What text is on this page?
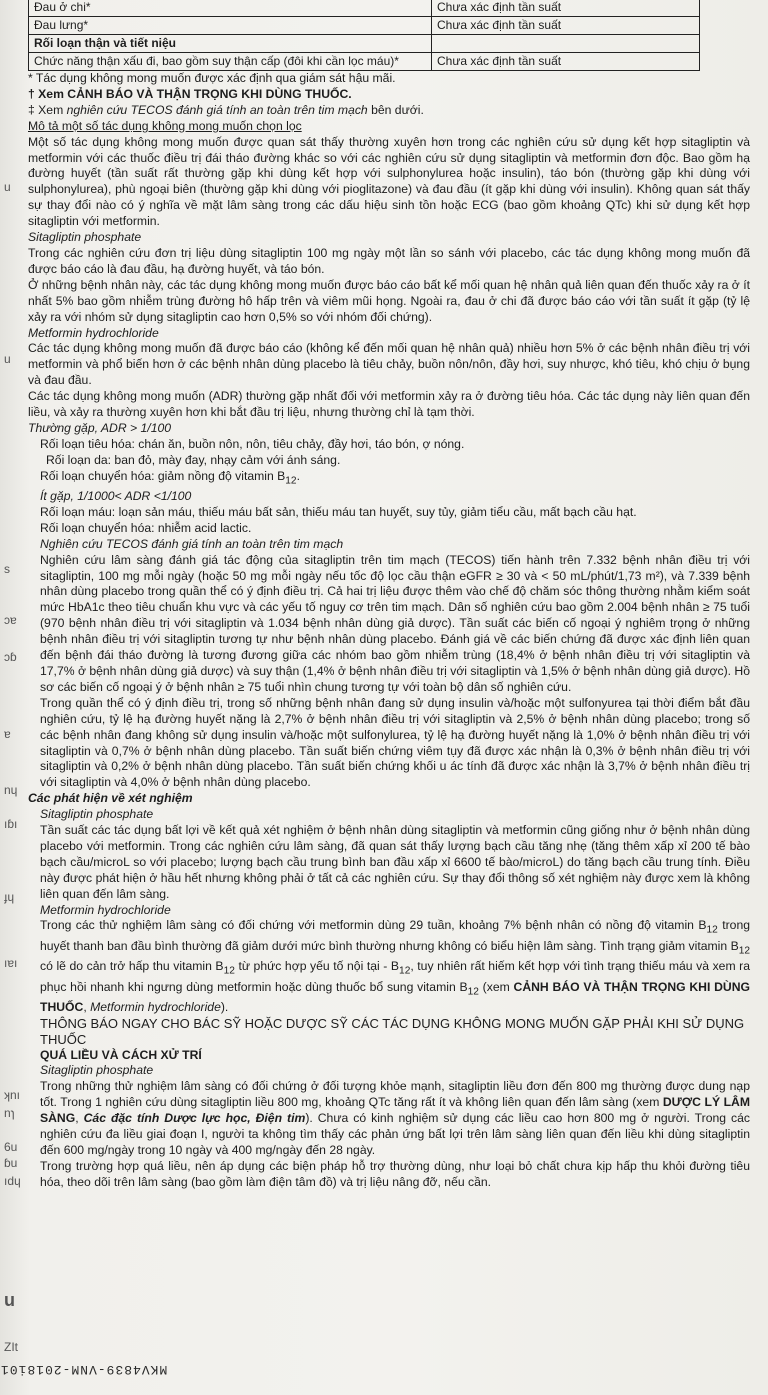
u
u
s
ɔɐ
ɔɓ
ɐ
nɥ
ıɓı
ɟɥ
ıɐı
ʞnı
nɿ
6u
ɓu
ıdɥ
u
ZIt
Đau ở chi*	Chưa xác định tần suất
Đau lưng*	Chưa xác định tần suất
Rối loạn thận và tiết niệu	
Chức năng thận xấu đi, bao gồm suy thận cấp (đôi khi cần lọc máu)*	Chưa xác định tần suất

* Tác dụng không mong muốn được xác định qua giám sát hậu mãi.

† Xem CẢNH BÁO VÀ THẬN TRỌNG KHI DÙNG THUỐC.

‡ Xem nghiên cứu TECOS đánh giá tính an toàn trên tim mạch bên dưới.

Mô tả một số tác dụng không mong muốn chọn lọc

Một số tác dụng không mong muốn được quan sát thấy thường xuyên hơn trong các nghiên cứu sử dụng kết hợp sitagliptin và metformin với các thuốc điều trị đái tháo đường khác so với các nghiên cứu sử dụng sitagliptin và metformin đơn độc. Bao gồm hạ đường huyết (tần suất rất thường gặp khi dùng kết hợp với sulphonylurea hoặc insulin), táo bón (thường gặp khi dùng với sulphonylurea), phù ngoại biên (thường gặp khi dùng với pioglitazone) và đau đầu (ít gặp khi dùng với insulin). Không quan sát thấy sự thay đổi nào có ý nghĩa về mặt lâm sàng trong các dấu hiệu sinh tồn hoặc ECG (bao gồm khoảng QTc) khi sử dụng kết hợp sitagliptin với metformin.

Sitagliptin phosphate

Trong các nghiên cứu đơn trị liệu dùng sitagliptin 100 mg ngày một lần so sánh với placebo, các tác dụng không mong muốn đã được báo cáo là đau đầu, hạ đường huyết, và táo bón.

Ở những bệnh nhân này, các tác dụng không mong muốn được báo cáo bất kể mối quan hệ nhân quả liên quan đến thuốc xảy ra ở ít nhất 5% bao gồm nhiễm trùng đường hô hấp trên và viêm mũi họng. Ngoài ra, đau ở chi đã được báo cáo với tần suất ít gặp (tỷ lệ xảy ra với nhóm sử dụng sitagliptin cao hơn 0,5% so với nhóm đối chứng).

Metformin hydrochloride

Các tác dụng không mong muốn đã được báo cáo (không kể đến mối quan hệ nhân quả) nhiều hơn 5% ở các bệnh nhân điều trị với metformin và phổ biến hơn ở các bệnh nhân dùng placebo là tiêu chảy, buồn nôn/nôn, đầy hơi, suy nhược, khó tiêu, khó chịu ở bụng và đau đầu.

Các tác dụng không mong muốn (ADR) thường gặp nhất đối với metformin xảy ra ở đường tiêu hóa. Các tác dụng này liên quan đến liều, và xảy ra thường xuyên hơn khi bắt đầu trị liệu, nhưng thường chỉ là tạm thời.

Thường gặp, ADR > 1/100

Rối loạn tiêu hóa: chán ăn, buồn nôn, nôn, tiêu chảy, đầy hơi, táo bón, ợ nóng.

Rối loạn da: ban đỏ, mày đay, nhạy cảm với ánh sáng.

Rối loạn chuyển hóa: giảm nồng độ vitamin $B_{12}$.

Ít gặp, 1/1000< ADR <1/100

Rối loạn máu: loạn sản máu, thiếu máu bất sản, thiếu máu tan huyết, suy tủy, giảm tiểu cầu, mất bạch cầu hạt.

Rối loạn chuyển hóa: nhiễm acid lactic.

Nghiên cứu TECOS đánh giá tính an toàn trên tim mạch

Nghiên cứu lâm sàng đánh giá tác động của sitagliptin trên tim mạch (TECOS) tiến hành trên 7.332 bệnh nhân điều trị với sitagliptin, 100 mg mỗi ngày (hoặc 50 mg mỗi ngày nếu tốc độ lọc cầu thận eGFR ≥ 30 và < 50 mL/phút/1,73 m²), và 7.339 bệnh nhân dùng placebo trong quần thể có ý định điều trị. Cả hai trị liệu được thêm vào chế độ chăm sóc thông thường nhằm kiểm soát mức HbA1c theo tiêu chuẩn khu vực và các yếu tố nguy cơ trên tim mạch. Dân số nghiên cứu bao gồm 2.004 bệnh nhân ≥ 75 tuổi (970 bệnh nhân điều trị với sitagliptin và 1.034 bệnh nhân dùng giả dược). Tần suất các biến cố ngoại ý nghiêm trọng ở những bệnh nhân điều trị với sitagliptin tương tự như bệnh nhân dùng placebo. Đánh giá về các biến chứng đã được xác định liên quan đến bệnh đái tháo đường là tương đương giữa các nhóm bao gồm nhiễm trùng (18,4% ở bệnh nhân điều trị với sitagliptin và 17,7% ở bệnh nhân dùng giả dược) và suy thận (1,4% ở bệnh nhân điều trị với sitagliptin và 1,5% ở bệnh nhân dùng giả dược). Hồ sơ các biến cố ngoại ý ở bệnh nhân ≥ 75 tuổi nhìn chung tương tự với toàn bộ dân số nghiên cứu.

Trong quần thể có ý định điều trị, trong số những bệnh nhân đang sử dụng insulin và/hoặc một sulfonyurea tại thời điểm bắt đầu nghiên cứu, tỷ lệ hạ đường huyết nặng là 2,7% ở bệnh nhân điều trị với sitagliptin và 2,5% ở bệnh nhân dùng placebo; trong số các bệnh nhân đang không sử dụng insulin và/hoặc một sulfonylurea, tỷ lệ hạ đường huyết nặng là 1,0% ở bệnh nhân điều trị với sitagliptin và 0,7% ở bệnh nhân dùng placebo. Tần suất biến chứng viêm tụy đã được xác nhận là 0,3% ở bệnh nhân điều trị với sitagliptin và 0,2% ở bệnh nhân dùng placebo. Tần suất biến chứng khối u ác tính đã được xác nhận là 3,7% ở bệnh nhân điều trị với sitagliptin và 4,0% ở bệnh nhân dùng placebo.

Các phát hiện về xét nghiệm

Sitagliptin phosphate

Tần suất các tác dụng bất lợi về kết quả xét nghiệm ở bệnh nhân dùng sitagliptin và metformin cũng giống như ở bệnh nhân dùng placebo với metformin. Trong các nghiên cứu lâm sàng, đã quan sát thấy lượng bạch cầu tăng nhẹ (tăng thêm xấp xỉ 200 tế bào bạch cầu/microL so với placebo; lượng bạch cầu trung bình ban đầu xấp xỉ 6600 tế bào/microL) do tăng bạch cầu trung tính. Điều này được phát hiện ở hầu hết nhưng không phải ở tất cả các nghiên cứu. Sự thay đổi thông số xét nghiệm này được xem là không liên quan đến lâm sàng.

Metformin hydrochloride

Trong các thử nghiệm lâm sàng có đối chứng với metformin dùng 29 tuần, khoảng 7% bệnh nhân có nồng độ vitamin $B_{12}$ trong huyết thanh ban đầu bình thường đã giảm dưới mức bình thường nhưng không có biểu hiện lâm sàng. Tình trạng giảm vitamin $B_{12}$ có lẽ do cản trở hấp thu vitamin $B_{12}$ từ phức hợp yếu tố nội tại - $B_{12}$, tuy nhiên rất hiếm kết hợp với tình trạng thiếu máu và xem ra phục hồi nhanh khi ngưng dùng metformin hoặc dùng thuốc bổ sung vitamin $B_{12}$ (xem CẢNH BÁO VÀ THẬN TRỌNG KHI DÙNG THUỐC, Metformin hydrochloride).

THÔNG BÁO NGAY CHO BÁC SỸ HOẶC DƯỢC SỸ CÁC TÁC DỤNG KHÔNG MONG MUỐN GẶP PHẢI KHI SỬ DỤNG THUỐC

QUÁ LIỀU VÀ CÁCH XỬ TRÍ

Sitagliptin phosphate

Trong những thử nghiệm lâm sàng có đối chứng ở đối tượng khỏe mạnh, sitagliptin liều đơn đến 800 mg thường được dung nạp tốt. Trong 1 nghiên cứu dùng sitagliptin liều 800 mg, khoảng QTc tăng rất ít và không liên quan đến lâm sàng (xem DƯỢC LÝ LÂM SÀNG, Các đặc tính Dược lực học, Điện tim). Chưa có kinh nghiệm sử dụng các liều cao hơn 800 mg ở người. Trong các nghiên cứu đa liều giai đoạn I, người ta không tìm thấy các phản ứng bất lợi trên lâm sàng liên quan đến liều khi dùng sitagliptin đến 600 mg/ngày trong 10 ngày và 400 mg/ngày đến 28 ngày.

Trong trường hợp quá liều, nên áp dụng các biện pháp hỗ trợ thường dùng, như loại bỏ chất chưa kịp hấp thu khỏi đường tiêu hóa, theo dõi trên lâm sàng (bao gồm làm điện tâm đồ) và trị liệu nâng đỡ, nếu cần.

MKV4839-VNM-2018i01
